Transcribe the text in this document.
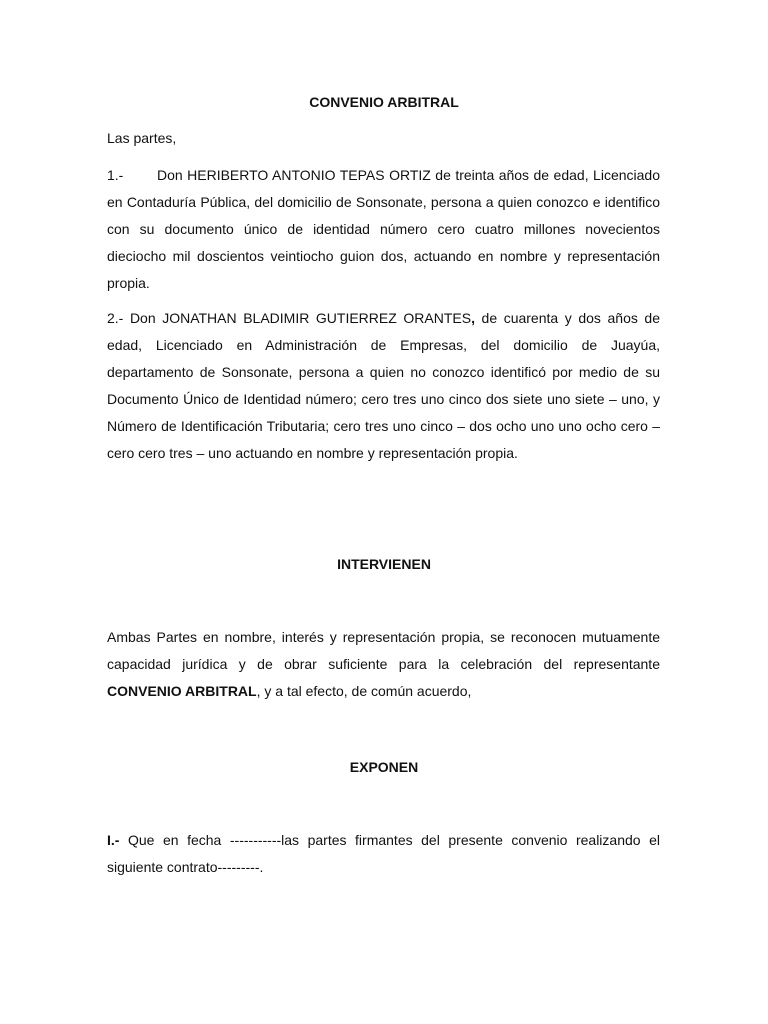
CONVENIO ARBITRAL

Las partes,

1.- Don HERIBERTO ANTONIO TEPAS ORTIZ de treinta años de edad, Licenciado en Contaduría Pública, del domicilio de Sonsonate, persona a quien conozco e identifico con su documento único de identidad número cero cuatro millones novecientos dieciocho mil doscientos veintiocho guion dos, actuando en nombre y representación propia.

2.- Don JONATHAN BLADIMIR GUTIERREZ ORANTES, de cuarenta y dos años de edad, Licenciado en Administración de Empresas, del domicilio de Juayúa, departamento de Sonsonate, persona a quien no conozco identificó por medio de su Documento Único de Identidad número; cero tres uno cinco dos siete uno siete – uno, y Número de Identificación Tributaria; cero tres uno cinco – dos ocho uno uno ocho cero – cero cero tres – uno actuando en nombre y representación propia.

INTERVIENEN

Ambas Partes en nombre, interés y representación propia, se reconocen mutuamente capacidad jurídica y de obrar suficiente para la celebración del representante CONVENIO ARBITRAL, y a tal efecto, de común acuerdo,

EXPONEN

I.- Que en fecha -----------las partes firmantes del presente convenio realizando el siguiente contrato---------.
